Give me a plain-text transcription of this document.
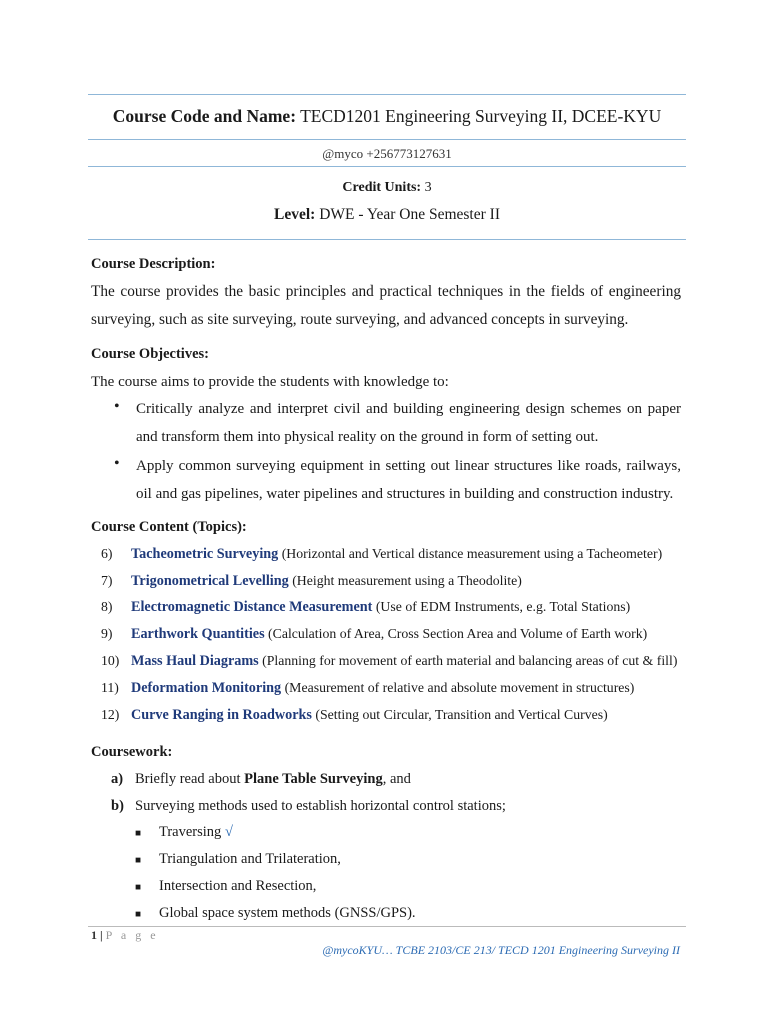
Course Code and Name: TECD1201 Engineering Surveying II, DCEE-KYU
@myco +256773127631
Credit Units: 3
Level: DWE - Year One Semester II
Course Description:
The course provides the basic principles and practical techniques in the fields of engineering surveying, such as site surveying, route surveying, and advanced concepts in surveying.
Course Objectives:
The course aims to provide the students with knowledge to:
• Critically analyze and interpret civil and building engineering design schemes on paper and transform them into physical reality on the ground in form of setting out.
• Apply common surveying equipment in setting out linear structures like roads, railways, oil and gas pipelines, water pipelines and structures in building and construction industry.
Course Content (Topics):
6) Tacheometric Surveying (Horizontal and Vertical distance measurement using a Tacheometer)
7) Trigonometrical Levelling (Height measurement using a Theodolite)
8) Electromagnetic Distance Measurement (Use of EDM Instruments, e.g. Total Stations)
9) Earthwork Quantities (Calculation of Area, Cross Section Area and Volume of Earth work)
10) Mass Haul Diagrams (Planning for movement of earth material and balancing areas of cut & fill)
11) Deformation Monitoring (Measurement of relative and absolute movement in structures)
12) Curve Ranging in Roadworks (Setting out Circular, Transition and Vertical Curves)
Coursework:
a) Briefly read about Plane Table Surveying, and
b) Surveying methods used to establish horizontal control stations;
■ Traversing √
■ Triangulation and Trilateration,
■ Intersection and Resection,
■ Global space system methods (GNSS/GPS).
1 | P a g e
@mycoKYU… TCBE 2103/CE 213/ TECD 1201 Engineering Surveying II
